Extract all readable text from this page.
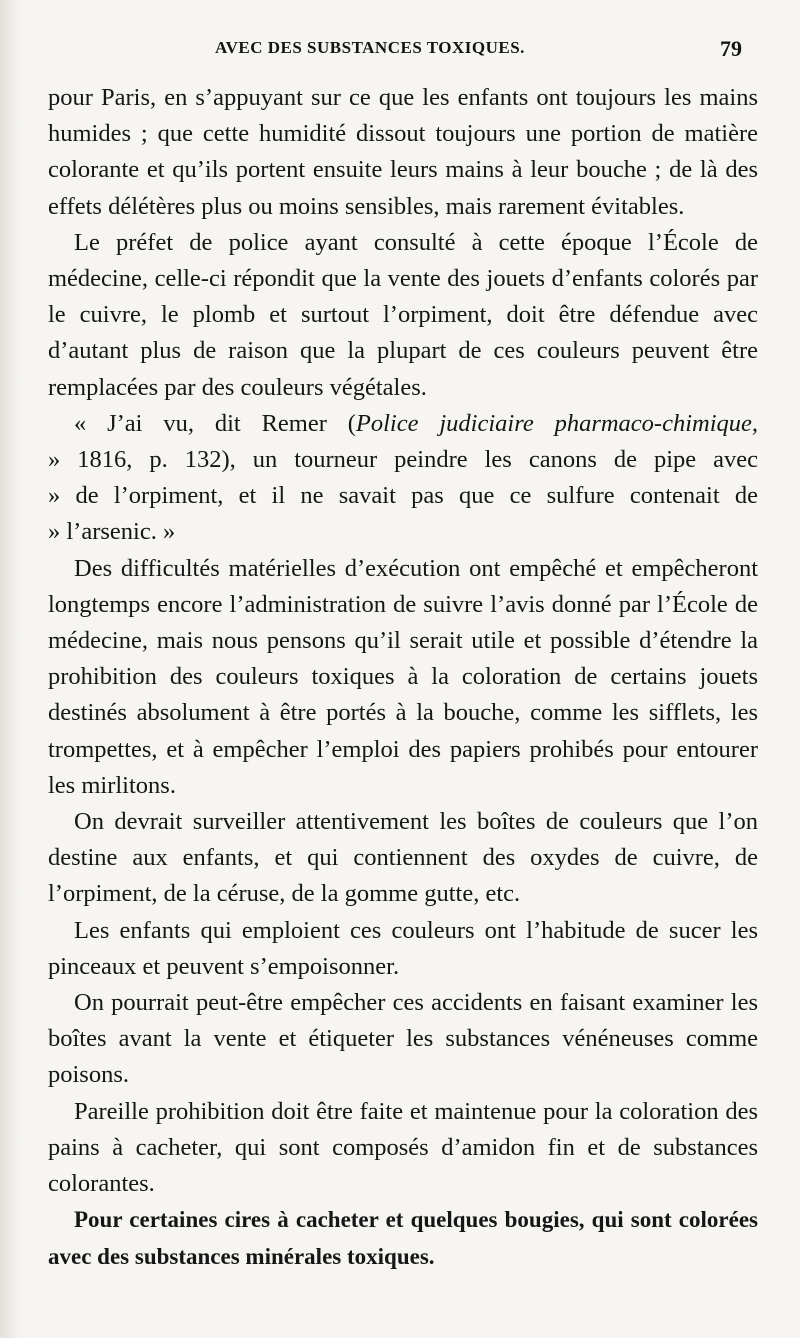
AVEC DES SUBSTANCES TOXIQUES.	79

pour Paris, en s’appuyant sur ce que les enfants ont toujours les mains humides ; que cette humidité dissout toujours une portion de matière colorante et qu’ils portent ensuite leurs mains à leur bouche ; de là des effets délétères plus ou moins sensibles, mais rarement évitables.

Le préfet de police ayant consulté à cette époque l’École de médecine, celle-ci répondit que la vente des jouets d’enfants colorés par le cuivre, le plomb et surtout l’orpiment, doit être défendue avec d’autant plus de raison que la plupart de ces couleurs peuvent être remplacées par des couleurs végétales.

« J’ai vu, dit Remer (Police judiciaire pharmaco-chimique,
» 1816, p. 132), un tourneur peindre les canons de pipe avec
» de l’orpiment, et il ne savait pas que ce sulfure contenait de
» l’arsenic. »

Des difficultés matérielles d’exécution ont empêché et empêcheront longtemps encore l’administration de suivre l’avis donné par l’École de médecine, mais nous pensons qu’il serait utile et possible d’étendre la prohibition des couleurs toxiques à la coloration de certains jouets destinés absolument à être portés à la bouche, comme les sifflets, les trompettes, et à empêcher l’emploi des papiers prohibés pour entourer les mirlitons.

On devrait surveiller attentivement les boîtes de couleurs que l’on destine aux enfants, et qui contiennent des oxydes de cuivre, de l’orpiment, de la céruse, de la gomme gutte, etc.

Les enfants qui emploient ces couleurs ont l’habitude de sucer les pinceaux et peuvent s’empoisonner.

On pourrait peut-être empêcher ces accidents en faisant examiner les boîtes avant la vente et étiqueter les substances vénéneuses comme poisons.

Pareille prohibition doit être faite et maintenue pour la coloration des pains à cacheter, qui sont composés d’amidon fin et de substances colorantes.

Pour certaines cires à cacheter et quelques bougies, qui sont colorées avec des substances minérales toxiques.
